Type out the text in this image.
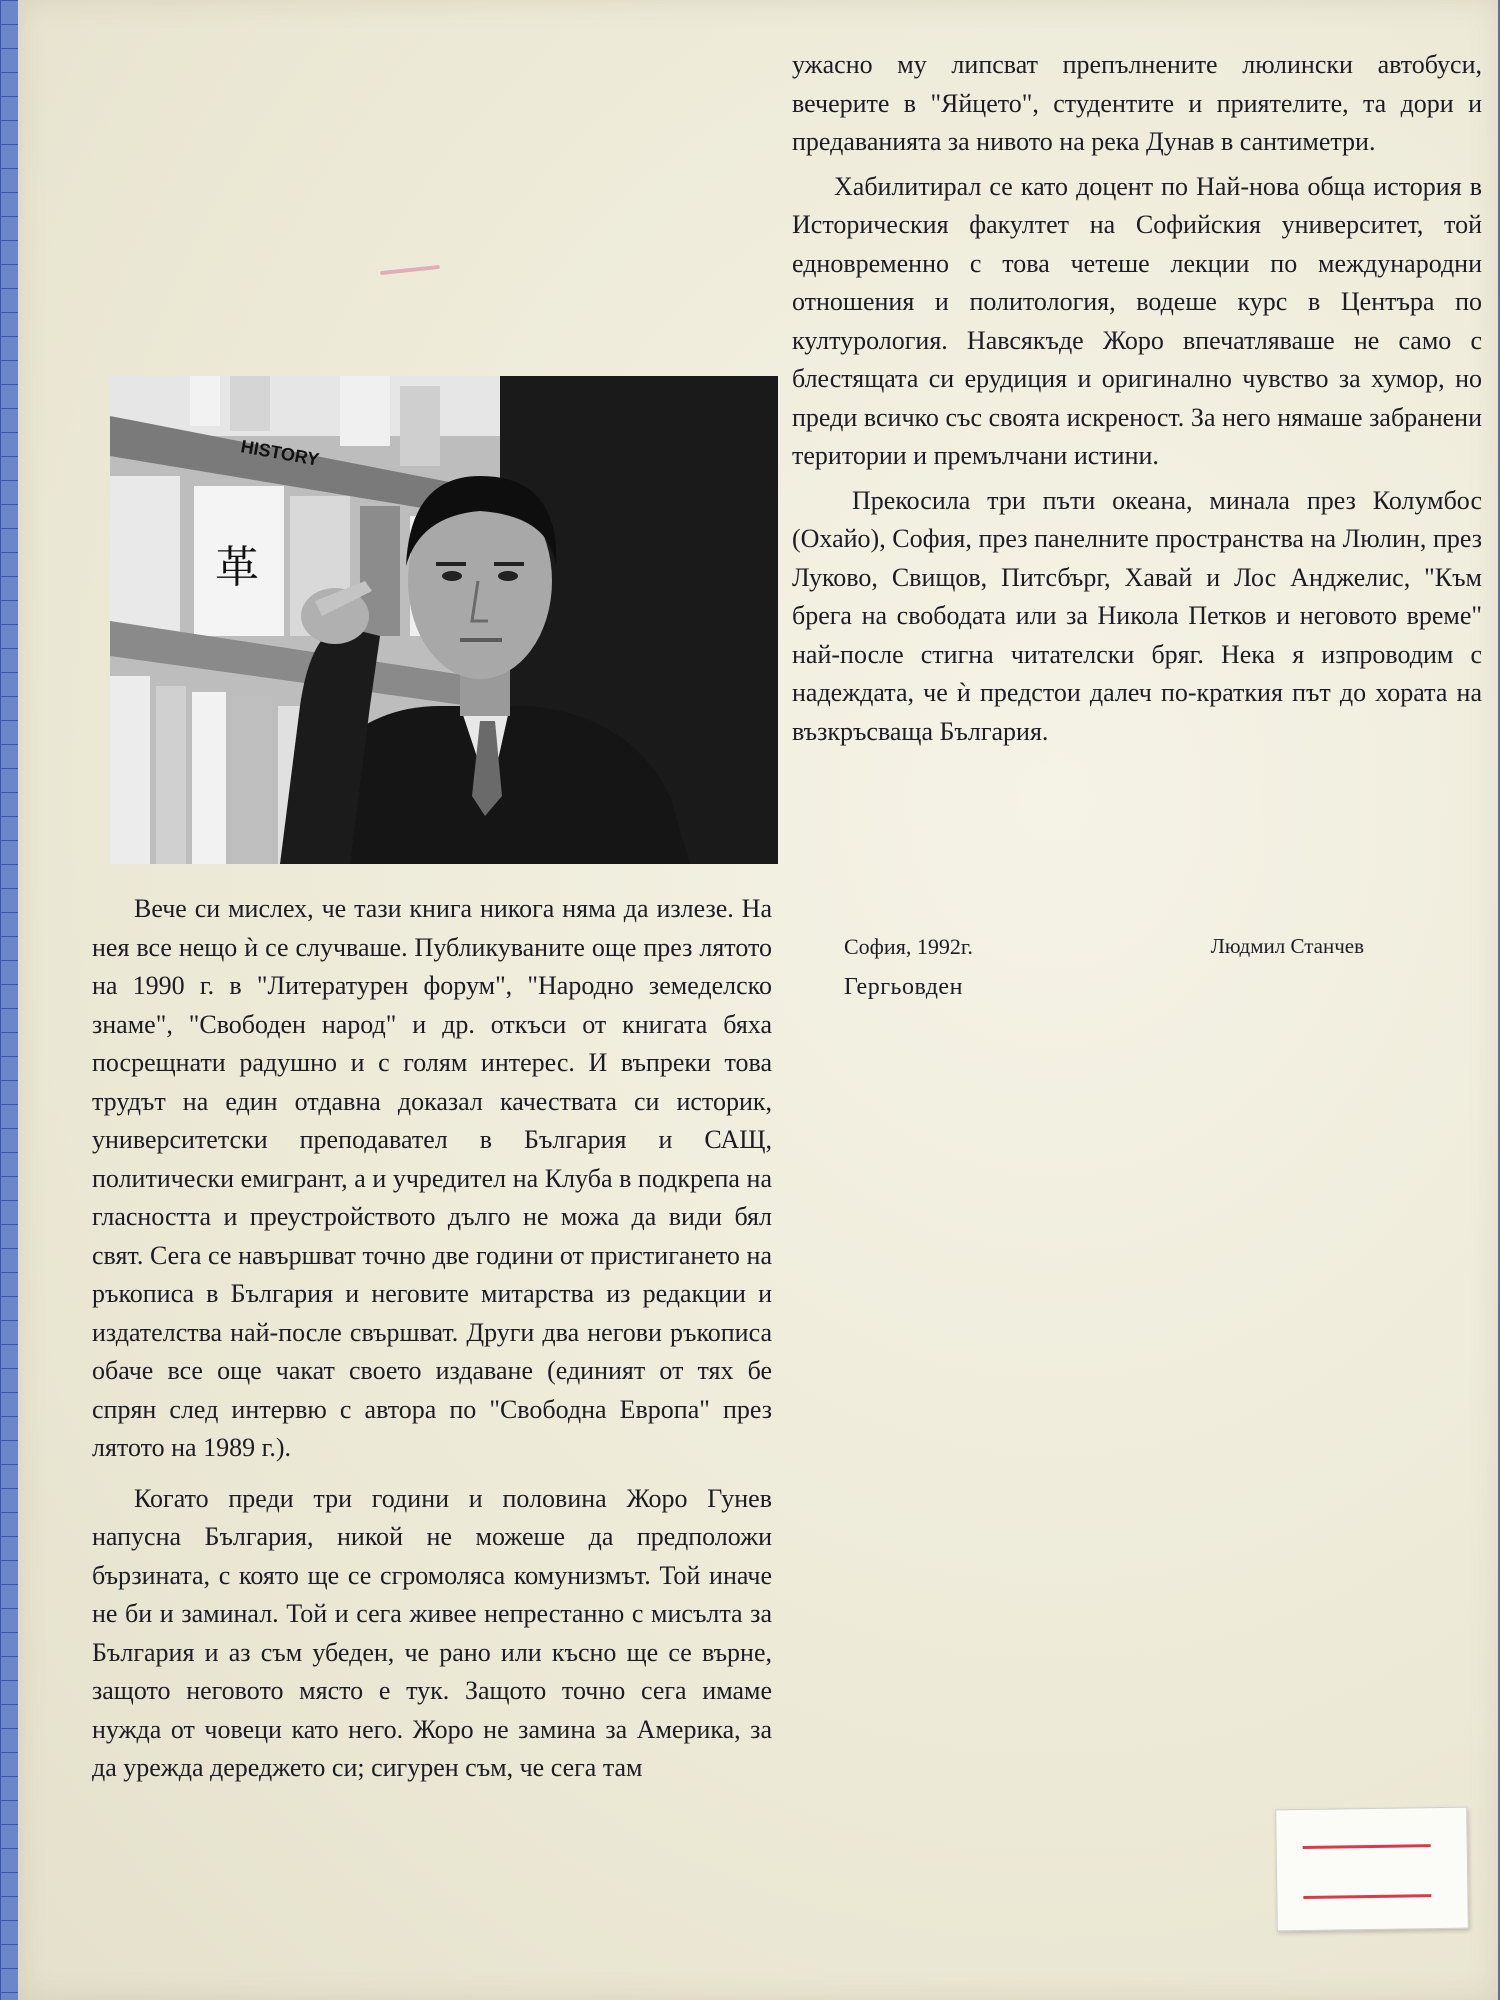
ужасно му липсват препълнените люлински автобуси, вечерите в "Яйцето", студентите и приятелите, та дори и предаванията за нивото на река Дунав в сантиметри.

Хабилитирал се като доцент по Най-нова обща история в Историческия факултет на Софийския университет, той едновременно с това четеше лекции по международни отношения и политология, водеше курс в Центъра по културология. Навсякъде Жоро впечатляваше не само с блестящата си ерудиция и оригинално чувство за хумор, но преди всичко със своята искреност. За него нямаше забранени територии и премълчани истини.

Прекосила три пъти океана, минала през Колумбос (Охайо), София, през панелните пространства на Люлин, през Луково, Свищов, Питсбърг, Хавай и Лос Анджелис, "Към брега на свободата или за Никола Петков и неговото време" най-после стигна читателски бряг. Нека я изпроводим с надеждата, че ѝ предстои далеч по-краткия път до хората на възкръсваща България.

София, 1992г.	Людмил Станчев
Гергьовден
HISTORY
革

Вече си мислех, че тази книга никога няма да излезе. На нея все нещо ѝ се случваше. Публикуваните още през лятото на 1990 г. в "Литературен форум", "Народно земеделско знаме", "Свободен народ" и др. откъси от книгата бяха посрещнати радушно и с голям интерес. И въпреки това трудът на един отдавна доказал качествата си историк, университетски преподавател в България и САЩ, политически емигрант, а и учредител на Клуба в подкрепа на гласността и преустройството дълго не можа да види бял свят. Сега се навършват точно две години от пристигането на ръкописа в България и неговите митарства из редакции и издателства най-после свършват. Други два негови ръкописа обаче все още чакат своето издаване (единият от тях бе спрян след интервю с автора по "Свободна Европа" през лятото на 1989 г.).

Когато преди три години и половина Жоро Гунев напусна България, никой не можеше да предположи бързината, с която ще се сгромоляса комунизмът. Той иначе не би и заминал. Той и сега живее непрестанно с мисълта за България и аз съм убеден, че рано или късно ще се върне, защото неговото място е тук. Защото точно сега имаме нужда от човеци като него. Жоро не замина за Америка, за да урежда дереджето си; сигурен съм, че сега там
